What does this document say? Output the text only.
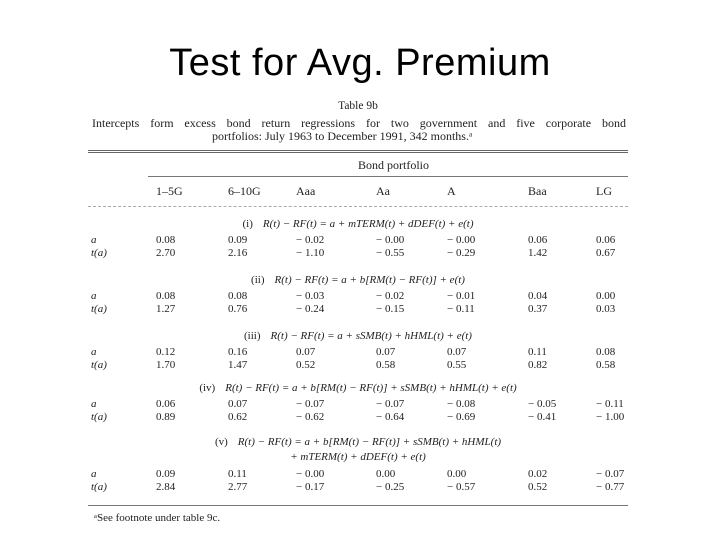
Test for Avg. Premium
Table 9b
Intercepts form excess bond return regressions for two government and five corporate bond
portfolios: July 1963 to December 1991, 342 months.ᵃ
Bond portfolio
1–5G	6–10G	Aaa	Aa	A	Baa	LG
(i) R(t) − RF(t) = a + mTERM(t) + dDEF(t) + e(t)
a	0.08	0.09	− 0.02	− 0.00	− 0.00	0.06	0.06
t(a)	2.70	2.16	− 1.10	− 0.55	− 0.29	1.42	0.67
(ii) R(t) − RF(t) = a + b[RM(t) − RF(t)] + e(t)
a	0.08	0.08	− 0.03	− 0.02	− 0.01	0.04	0.00
t(a)	1.27	0.76	− 0.24	− 0.15	− 0.11	0.37	0.03
(iii) R(t) − RF(t) = a + sSMB(t) + hHML(t) + e(t)
a	0.12	0.16	0.07	0.07	0.07	0.11	0.08
t(a)	1.70	1.47	0.52	0.58	0.55	0.82	0.58
(iv) R(t) − RF(t) = a + b[RM(t) − RF(t)] + sSMB(t) + hHML(t) + e(t)
a	0.06	0.07	− 0.07	− 0.07	− 0.08	− 0.05	− 0.11
t(a)	0.89	0.62	− 0.62	− 0.64	− 0.69	− 0.41	− 1.00
(v) R(t) − RF(t) = a + b[RM(t) − RF(t)] + sSMB(t) + hHML(t)
+ mTERM(t) + dDEF(t) + e(t)
a	0.09	0.11	− 0.00	0.00	0.00	0.02	− 0.07
t(a)	2.84	2.77	− 0.17	− 0.25	− 0.57	0.52	− 0.77
ᵃSee footnote under table 9c.
